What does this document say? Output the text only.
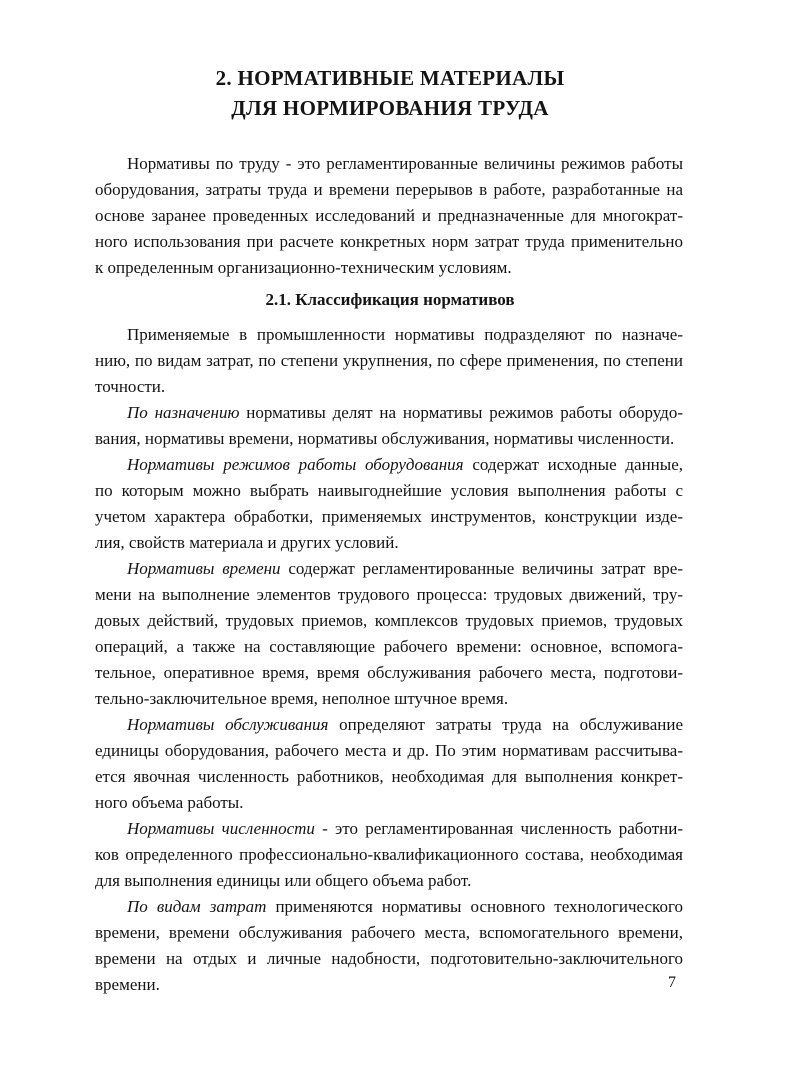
2. НОРМАТИВНЫЕ МАТЕРИАЛЫ
ДЛЯ НОРМИРОВАНИЯ ТРУДА
Нормативы по труду - это регламентированные величины режимов работы
оборудования, затраты труда и времени перерывов в работе, разработанные на
основе заранее проведенных исследований и предназначенные для многократ-
ного использования при расчете конкретных норм затрат труда применительно
к определенным организационно-техническим условиям.
2.1. Классификация нормативов
Применяемые в промышленности нормативы подразделяют по назначе-
нию, по видам затрат, по степени укрупнения, по сфере применения, по степени
точности.
По назначению нормативы делят на нормативы режимов работы оборудо-
вания, нормативы времени, нормативы обслуживания, нормативы численности.
Нормативы режимов работы оборудования содержат исходные данные,
по которым можно выбрать наивыгоднейшие условия выполнения работы с
учетом характера обработки, применяемых инструментов, конструкции изде-
лия, свойств материала и других условий.
Нормативы времени содержат регламентированные величины затрат вре-
мени на выполнение элементов трудового процесса: трудовых движений, тру-
довых действий, трудовых приемов, комплексов трудовых приемов, трудовых
операций, а также на составляющие рабочего времени: основное, вспомога-
тельное, оперативное время, время обслуживания рабочего места, подготови-
тельно-заключительное время, неполное штучное время.
Нормативы обслуживания определяют затраты труда на обслуживание
единицы оборудования, рабочего места и др. По этим нормативам рассчитыва-
ется явочная численность работников, необходимая для выполнения конкрет-
ного объема работы.
Нормативы численности - это регламентированная численность работни-
ков определенного профессионально-квалификационного состава, необходимая
для выполнения единицы или общего объема работ.
По видам затрат применяются нормативы основного технологического
времени, времени обслуживания рабочего места, вспомогательного времени,
времени на отдых и личные надобности, подготовительно-заключительного
времени.	7
